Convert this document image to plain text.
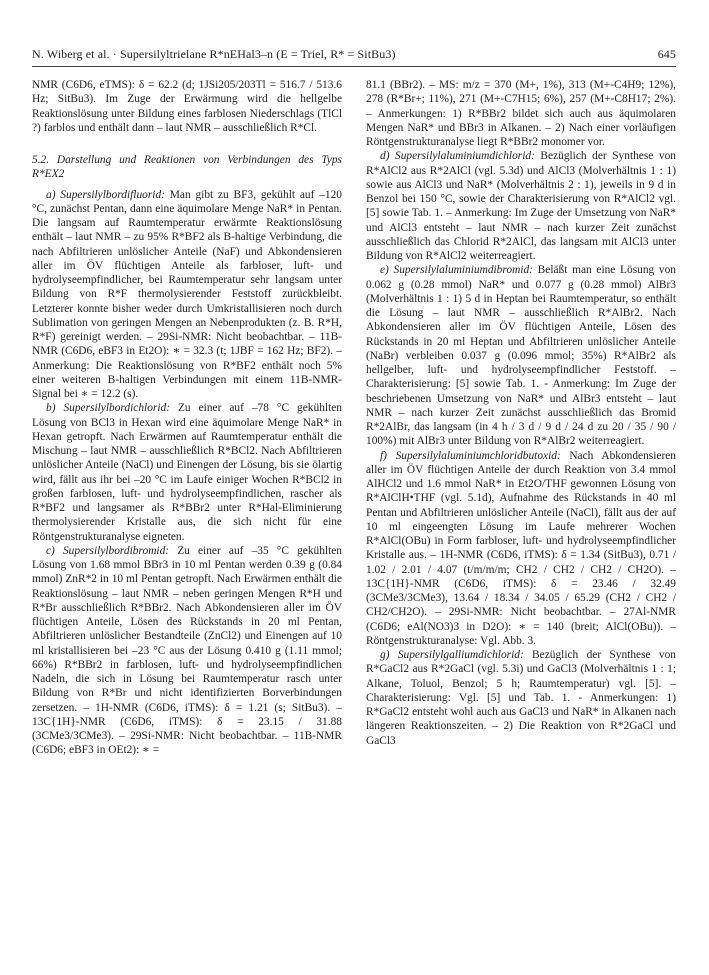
N. Wiberg et al. · Supersilyltrielane R*nEHal3–n (E = Triel, R* = SitBu3)	645

NMR (C6D6, eTMS): δ = 62.2 (d; 1JSi205/203Tl = 516.7 / 513.6 Hz; SitBu3). Im Zuge der Erwärmung wird die hellgelbe Reaktionslösung unter Bildung eines farblosen Niederschlags (TlCl ?) farblos und enthält dann – laut NMR – ausschließlich R*Cl.

5.2. Darstellung und Reaktionen von Verbindungen des Typs R*EX2

a) Supersilylbordifluorid: Man gibt zu BF3, gekühlt auf –120 °C, zunächst Pentan, dann eine äquimolare Menge NaR* in Pentan. Die langsam auf Raumtemperatur erwärmte Reaktionslösung enthält – laut NMR – zu 95% R*BF2 als B-haltige Verbindung, die nach Abfiltrieren unlöslicher Anteile (NaF) und Abkondensieren aller im ÖV flüchtigen Anteile als farbloser, luft- und hydrolyseempfindlicher, bei Raumtemperatur sehr langsam unter Bildung von R*F thermolysierender Feststoff zurückbleibt. Letzterer konnte bisher weder durch Umkristallisieren noch durch Sublimation von geringen Mengen an Nebenprodukten (z. B. R*H, R*F) gereinigt werden. – 29Si-NMR: Nicht beobachtbar. – 11B-NMR (C6D6, eBF3 in Et2O): ∗ = 32.3 (t; 1JBF = 162 Hz; BF2). – Anmerkung: Die Reaktionslösung von R*BF2 enthält noch 5% einer weiteren B-haltigen Verbindungen mit einem 11B-NMR-Signal bei ∗ = 12.2 (s).

b) Supersilylbordichlorid: Zu einer auf –78 °C gekühlten Lösung von BCl3 in Hexan wird eine äquimolare Menge NaR* in Hexan getropft. Nach Erwärmen auf Raumtemperatur enthält die Mischung – laut NMR – ausschließlich R*BCl2. Nach Abfiltrieren unlöslicher Anteile (NaCl) und Einengen der Lösung, bis sie ölartig wird, fällt aus ihr bei –20 °C im Laufe einiger Wochen R*BCl2 in großen farblosen, luft- und hydrolyseempfindlichen, rascher als R*BF2 und langsamer als R*BBr2 unter R*Hal-Eliminierung thermolysierender Kristalle aus, die sich nicht für eine Röntgenstrukturanalyse eigneten.

c) Supersilylbordibromid: Zu einer auf –35 °C gekühlten Lösung von 1.68 mmol BBr3 in 10 ml Pentan werden 0.39 g (0.84 mmol) ZnR*2 in 10 ml Pentan getropft. Nach Erwärmen enthält die Reaktionslösung – laut NMR – neben geringen Mengen R*H und R*Br ausschließlich R*BBr2. Nach Abkondensieren aller im ÖV flüchtigen Anteile, Lösen des Rückstands in 20 ml Pentan, Abfiltrieren unlöslicher Bestandteile (ZnCl2) und Einengen auf 10 ml kristallisieren bei –23 °C aus der Lösung 0.410 g (1.11 mmol; 66%) R*BBr2 in farblosen, luft- und hydrolyseempfindlichen Nadeln, die sich in Lösung bei Raumtemperatur rasch unter Bildung von R*Br und nicht identifizierten Borverbindungen zersetzen. – 1H-NMR (C6D6, iTMS): δ = 1.21 (s; SitBu3). – 13C{1H}-NMR (C6D6, iTMS): δ = 23.15 / 31.88 (3CMe3/3CMe3). – 29Si-NMR: Nicht beobachtbar. – 11B-NMR (C6D6; eBF3 in OEt2): ∗ =

81.1 (BBr2). – MS: m/z = 370 (M+, 1%), 313 (M+-C4H9; 12%), 278 (R*Br+; 11%), 271 (M+-C7H15; 6%), 257 (M+-C8H17; 2%). – Anmerkungen: 1) R*BBr2 bildet sich auch aus äquimolaren Mengen NaR* und BBr3 in Alkanen. – 2) Nach einer vorläufigen Röntgenstrukturanalyse liegt R*BBr2 monomer vor.

d) Supersilylaluminiumdichlorid: Bezüglich der Synthese von R*AlCl2 aus R*2AlCl (vgl. 5.3d) und AlCl3 (Molverhältnis 1 : 1) sowie aus AlCl3 und NaR* (Molverhältnis 2 : 1), jeweils in 9 d in Benzol bei 150 °C, sowie der Charakterisierung von R*AlCl2 vgl. [5] sowie Tab. 1. – Anmerkung: Im Zuge der Umsetzung von NaR* und AlCl3 entsteht – laut NMR – nach kurzer Zeit zunächst ausschließlich das Chlorid R*2AlCl, das langsam mit AlCl3 unter Bildung von R*AlCl2 weiterreagiert.

e) Supersilylaluminiumdibromid: Beläßt man eine Lösung von 0.062 g (0.28 mmol) NaR* und 0.077 g (0.28 mmol) AlBr3 (Molverhältnis 1 : 1) 5 d in Heptan bei Raumtemperatur, so enthält die Lösung – laut NMR – ausschließlich R*AlBr2. Nach Abkondensieren aller im ÖV flüchtigen Anteile, Lösen des Rückstands in 20 ml Heptan und Abfiltrieren unlöslicher Anteile (NaBr) verbleiben 0.037 g (0.096 mmol; 35%) R*AlBr2 als hellgelber, luft- und hydrolyseempfindlicher Feststoff. – Charakterisierung: [5] sowie Tab. 1. - Anmerkung: Im Zuge der beschriebenen Umsetzung von NaR* und AlBr3 entsteht – laut NMR – nach kurzer Zeit zunächst ausschließlich das Bromid R*2AlBr, das langsam (in 4 h / 3 d / 9 d / 24 d zu 20 / 35 / 90 / 100%) mit AlBr3 unter Bildung von R*AlBr2 weiterreagiert.

f) Supersilylaluminiumchloridbutoxid: Nach Abkondensieren aller im ÖV flüchtigen Anteile der durch Reaktion von 3.4 mmol AlHCl2 und 1.6 mmol NaR* in Et2O/THF gewonnen Lösung von R*AlClH•THF (vgl. 5.1d), Aufnahme des Rückstands in 40 ml Pentan und Abfiltrieren unlöslicher Anteile (NaCl), fällt aus der auf 10 ml eingeengten Lösung im Laufe mehrerer Wochen R*AlCl(OBu) in Form farbloser, luft- und hydrolyseempfindlicher Kristalle aus. – 1H-NMR (C6D6, iTMS): δ = 1.34 (SitBu3), 0.71 / 1.02 / 2.01 / 4.07 (t/m/m/m; CH2 / CH2 / CH2 / CH2O). – 13C{1H}-NMR (C6D6, iTMS): δ = 23.46 / 32.49 (3CMe3/3CMe3), 13.64 / 18.34 / 34.05 / 65.29 (CH2 / CH2 / CH2/CH2O). – 29Si-NMR: Nicht beobachtbar. – 27Al-NMR (C6D6; eAl(NO3)3 in D2O): ∗ = 140 (breit; AlCl(OBu)). – Röntgenstrukturanalyse: Vgl. Abb. 3.

g) Supersilylgalliumdichlorid: Bezüglich der Synthese von R*GaCl2 aus R*2GaCl (vgl. 5.3i) und GaCl3 (Molverhältnis 1 : 1; Alkane, Toluol, Benzol; 5 h; Raumtemperatur) vgl. [5]. – Charakterisierung: Vgl. [5] und Tab. 1. - Anmerkungen: 1) R*GaCl2 entsteht wohl auch aus GaCl3 und NaR* in Alkanen nach längeren Reaktionszeiten. – 2) Die Reaktion von R*2GaCl und GaCl3
